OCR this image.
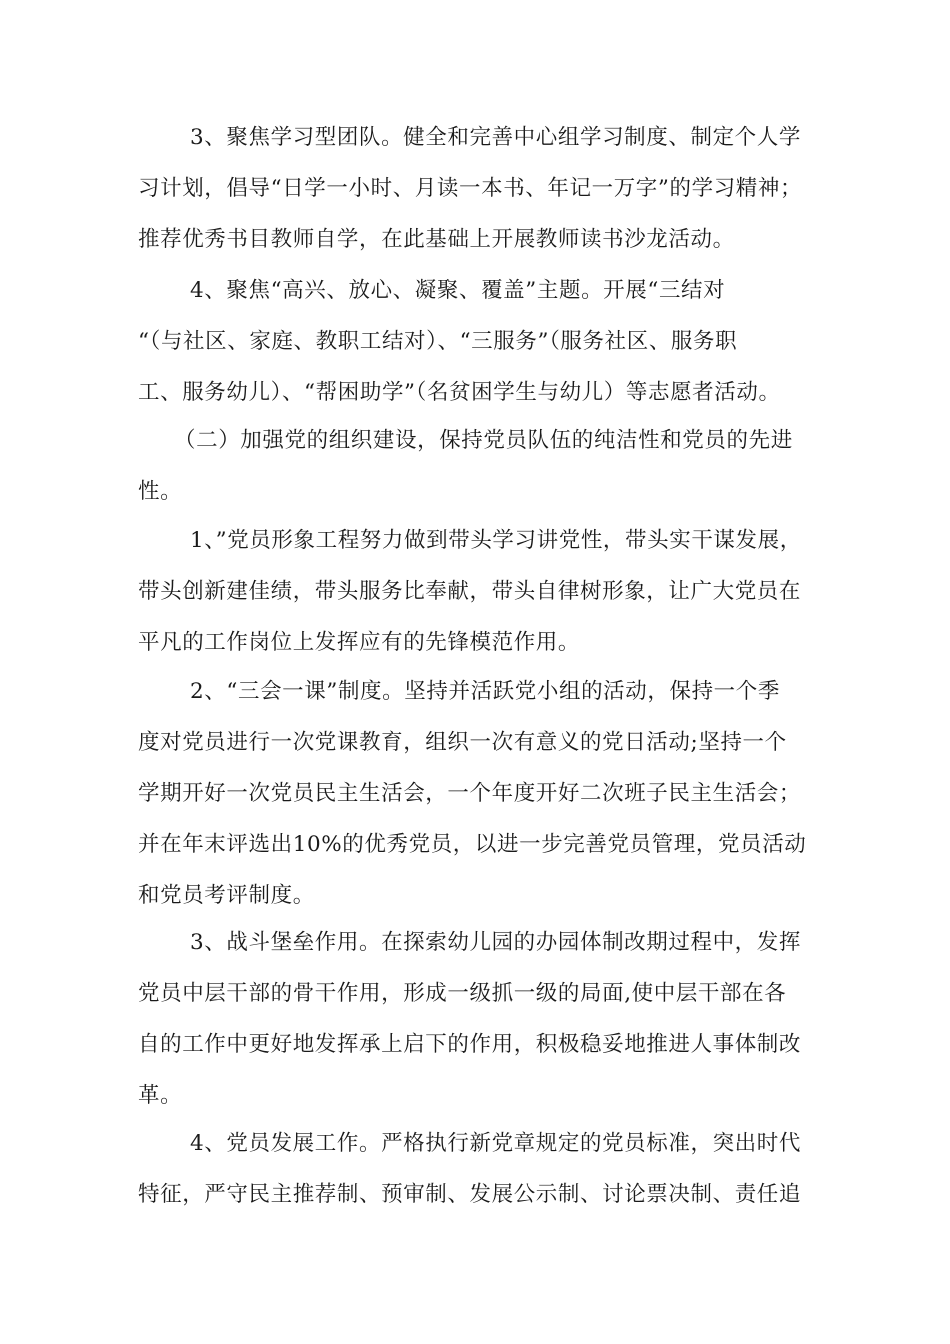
3、聚焦学习型团队。健全和完善中心组学习制度、制定个人学
习计划，倡导“日学一小时、月读一本书、年记一万字”的学习精神；
推荐优秀书目教师自学，在此基础上开展教师读书沙龙活动。

4、聚焦“高兴、放心、凝聚、覆盖”主题。开展“三结对
“（与社区、家庭、教职工结对）、“三服务”（服务社区、服务职
工、服务幼儿）、“帮困助学”（名贫困学生与幼儿）等志愿者活动。

（二）加强党的组织建设，保持党员队伍的纯洁性和党员的先进
性。

1、”党员形象工程努力做到带头学习讲党性，带头实干谋发展，
带头创新建佳绩，带头服务比奉献，带头自律树形象，让广大党员在
平凡的工作岗位上发挥应有的先锋模范作用。

2、“三会一课”制度。坚持并活跃党小组的活动，保持一个季
度对党员进行一次党课教育，组织一次有意义的党日活动;坚持一个
学期开好一次党员民主生活会，一个年度开好二次班子民主生活会；
并在年末评选出10%的优秀党员，以进一步完善党员管理，党员活动
和党员考评制度。

3、战斗堡垒作用。在探索幼儿园的办园体制改期过程中，发挥
党员中层干部的骨干作用，形成一级抓一级的局面,使中层干部在各
自的工作中更好地发挥承上启下的作用，积极稳妥地推进人事体制改
革。

4、党员发展工作。严格执行新党章规定的党员标准，突出时代
特征，严守民主推荐制、预审制、发展公示制、讨论票决制、责任追
